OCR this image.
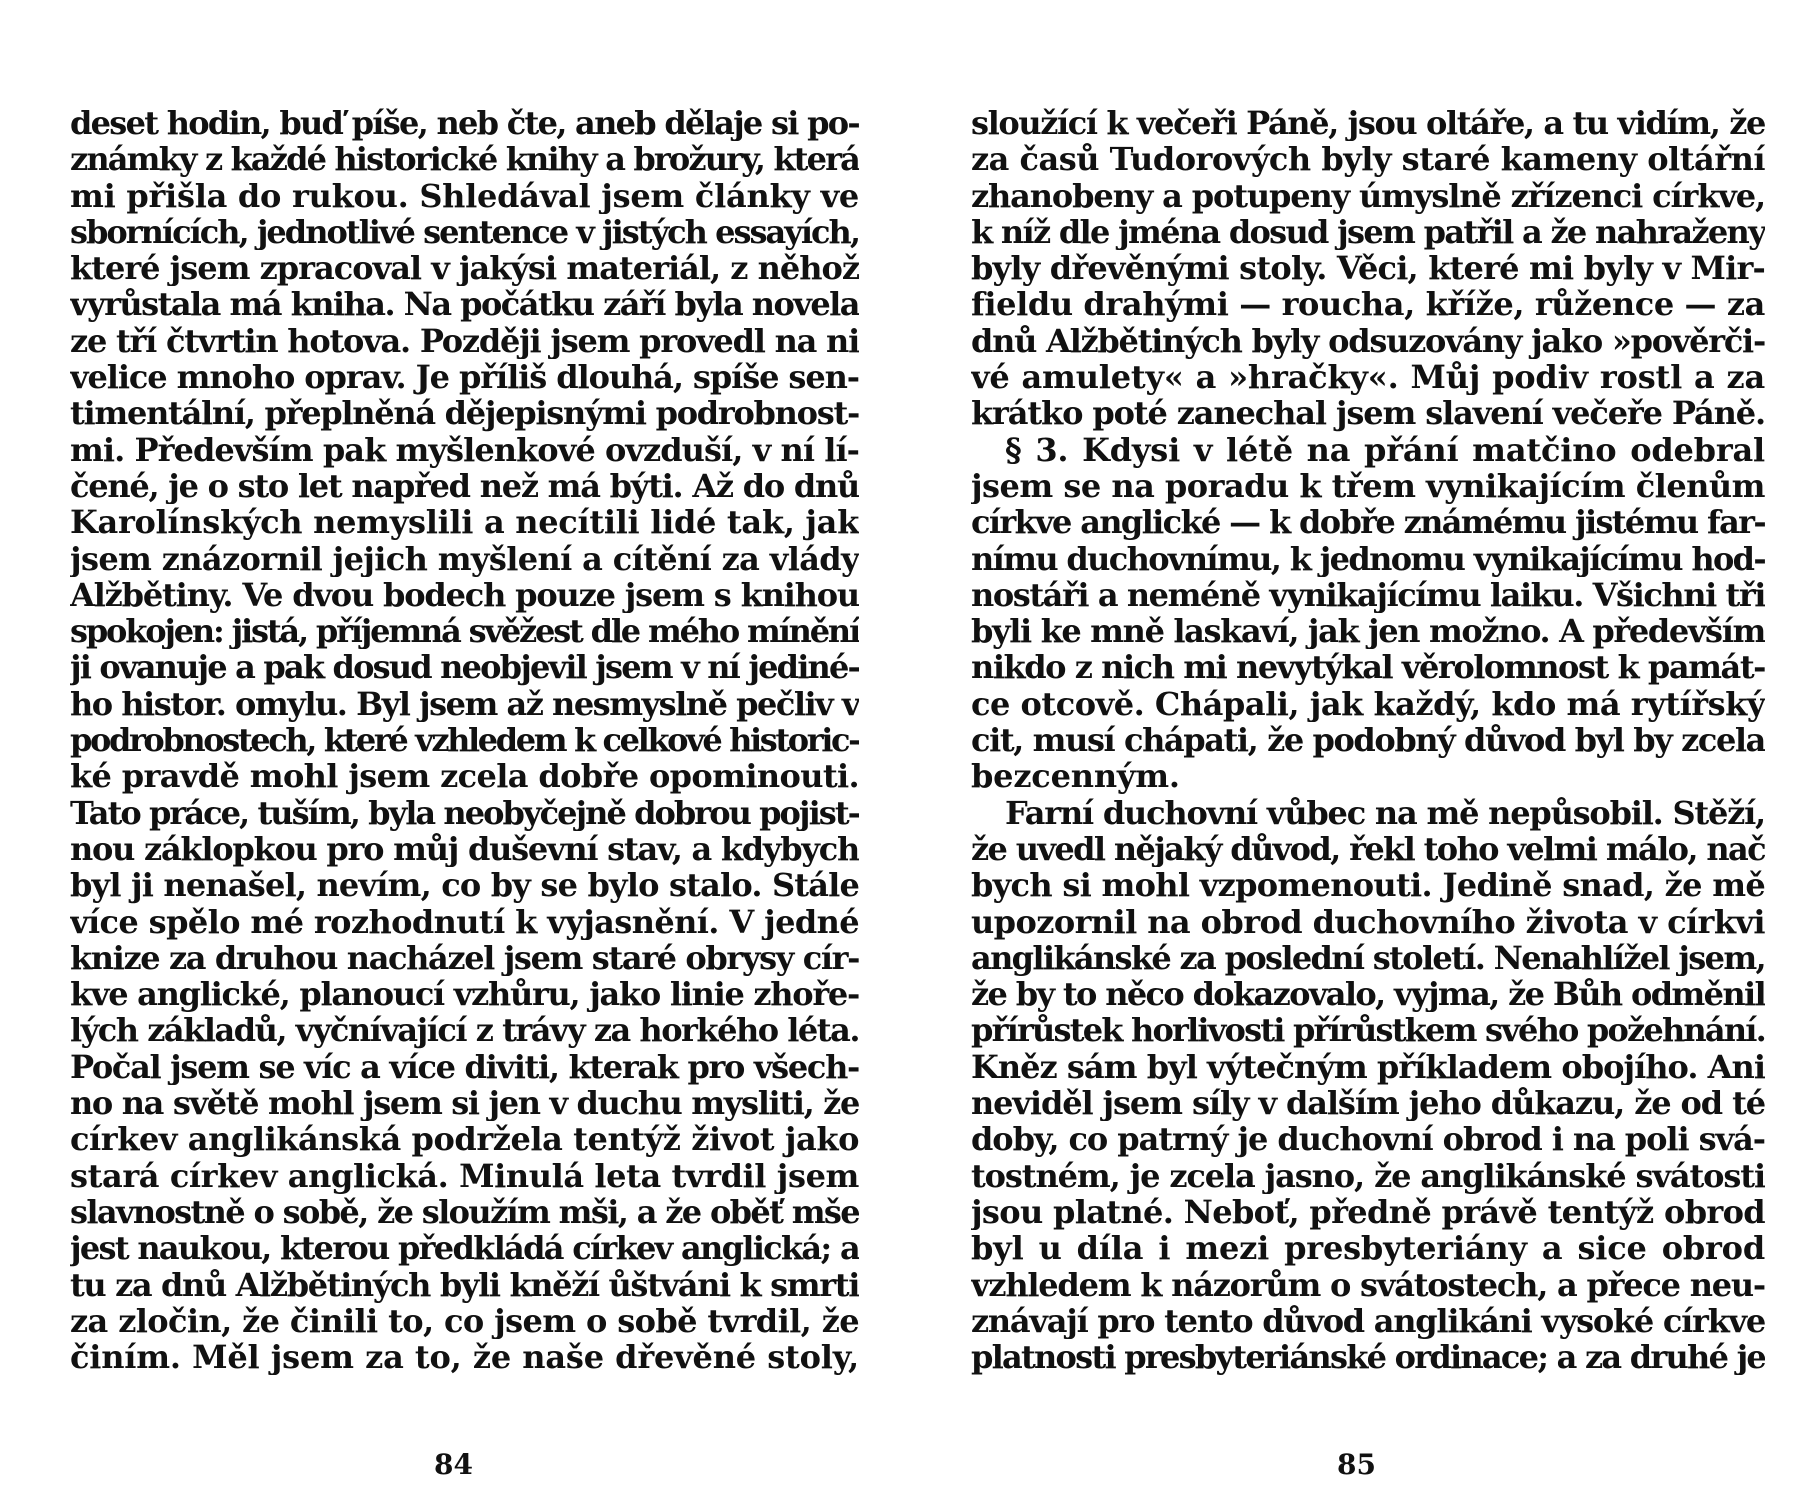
deset hodin, buď píše, neb čte, aneb dělaje si po-
známky z každé historické knihy a brožury, která
mi přišla do rukou. Shledával jsem články ve
sbornících, jednotlivé sentence v jistých essayích,
které jsem zpracoval v jakýsi materiál, z něhož
vyrůstala má kniha. Na počátku září byla novela
ze tří čtvrtin hotova. Později jsem provedl na ni
velice mnoho oprav. Je příliš dlouhá, spíše sen-
timentální, přeplněná dějepisnými podrobnost-
mi. Především pak myšlenkové ovzduší, v ní lí-
čené, je o sto let napřed než má býti. Až do dnů
Karolínských nemyslili a necítili lidé tak, jak
jsem znázornil jejich myšlení a cítění za vlády
Alžbětiny. Ve dvou bodech pouze jsem s knihou
spokojen: jistá, příjemná svěžest dle mého mínění
ji ovanuje a pak dosud neobjevil jsem v ní jediné-
ho histor. omylu. Byl jsem až nesmyslně pečliv v
podrobnostech, které vzhledem k celkové historic-
ké pravdě mohl jsem zcela dobře opominouti.
Tato práce, tuším, byla neobyčejně dobrou pojist-
nou záklopkou pro můj duševní stav, a kdybych
byl ji nenašel, nevím, co by se bylo stalo. Stále
více spělo mé rozhodnutí k vyjasnění. V jedné
knize za druhou nacházel jsem staré obrysy cír-
kve anglické, planoucí vzhůru, jako linie zhoře-
lých základů, vyčnívající z trávy za horkého léta.
Počal jsem se víc a více diviti, kterak pro všech-
no na světě mohl jsem si jen v duchu mysliti, že
církev anglikánská podržela tentýž život jako
stará církev anglická. Minulá leta tvrdil jsem
slavnostně o sobě, že sloužím mši, a že oběť mše
jest naukou, kterou předkládá církev anglická; a
tu za dnů Alžbětiných byli kněží ůštváni k smrti
za zločin, že činili to, co jsem o sobě tvrdil, že
činím. Měl jsem za to, že naše dřevěné stoly,
84
sloužící k večeři Páně, jsou oltáře, a tu vidím, že
za časů Tudorových byly staré kameny oltářní
zhanobeny a potupeny úmyslně zřízenci církve,
k níž dle jména dosud jsem patřil a že nahraženy
byly dřevěnými stoly. Věci, které mi byly v Mir-
fieldu drahými — roucha, kříže, růžence — za
dnů Alžbětiných byly odsuzovány jako »pověrči-
vé amulety« a »hračky«. Můj podiv rostl a za
krátko poté zanechal jsem slavení večeře Páně.
§ 3. Kdysi v létě na přání matčino odebral
jsem se na poradu k třem vynikajícím členům
církve anglické — k dobře známému jistému far-
nímu duchovnímu, k jednomu vynikajícímu hod-
nostáři a neméně vynikajícímu laiku. Všichni tři
byli ke mně laskaví, jak jen možno. A především
nikdo z nich mi nevytýkal věrolomnost k památ-
ce otcově. Chápali, jak každý, kdo má rytířský
cit, musí chápati, že podobný důvod byl by zcela
bezcenným.
Farní duchovní vůbec na mě nepůsobil. Stěží,
že uvedl nějaký důvod, řekl toho velmi málo, nač
bych si mohl vzpomenouti. Jedině snad, že mě
upozornil na obrod duchovního života v církvi
anglikánské za poslední století. Nenahlížel jsem,
že by to něco dokazovalo, vyjma, že Bůh odměnil
přírůstek horlivosti přírůstkem svého požehnání.
Kněz sám byl výtečným příkladem obojího. Ani
neviděl jsem síly v dalším jeho důkazu, že od té
doby, co patrný je duchovní obrod i na poli svá-
tostném, je zcela jasno, že anglikánské svátosti
jsou platné. Neboť, předně právě tentýž obrod
byl u díla i mezi presbyteriány a sice obrod
vzhledem k názorům o svátostech, a přece neu-
znávají pro tento důvod anglikáni vysoké církve
platnosti presbyteriánské ordinace; a za druhé je
85
